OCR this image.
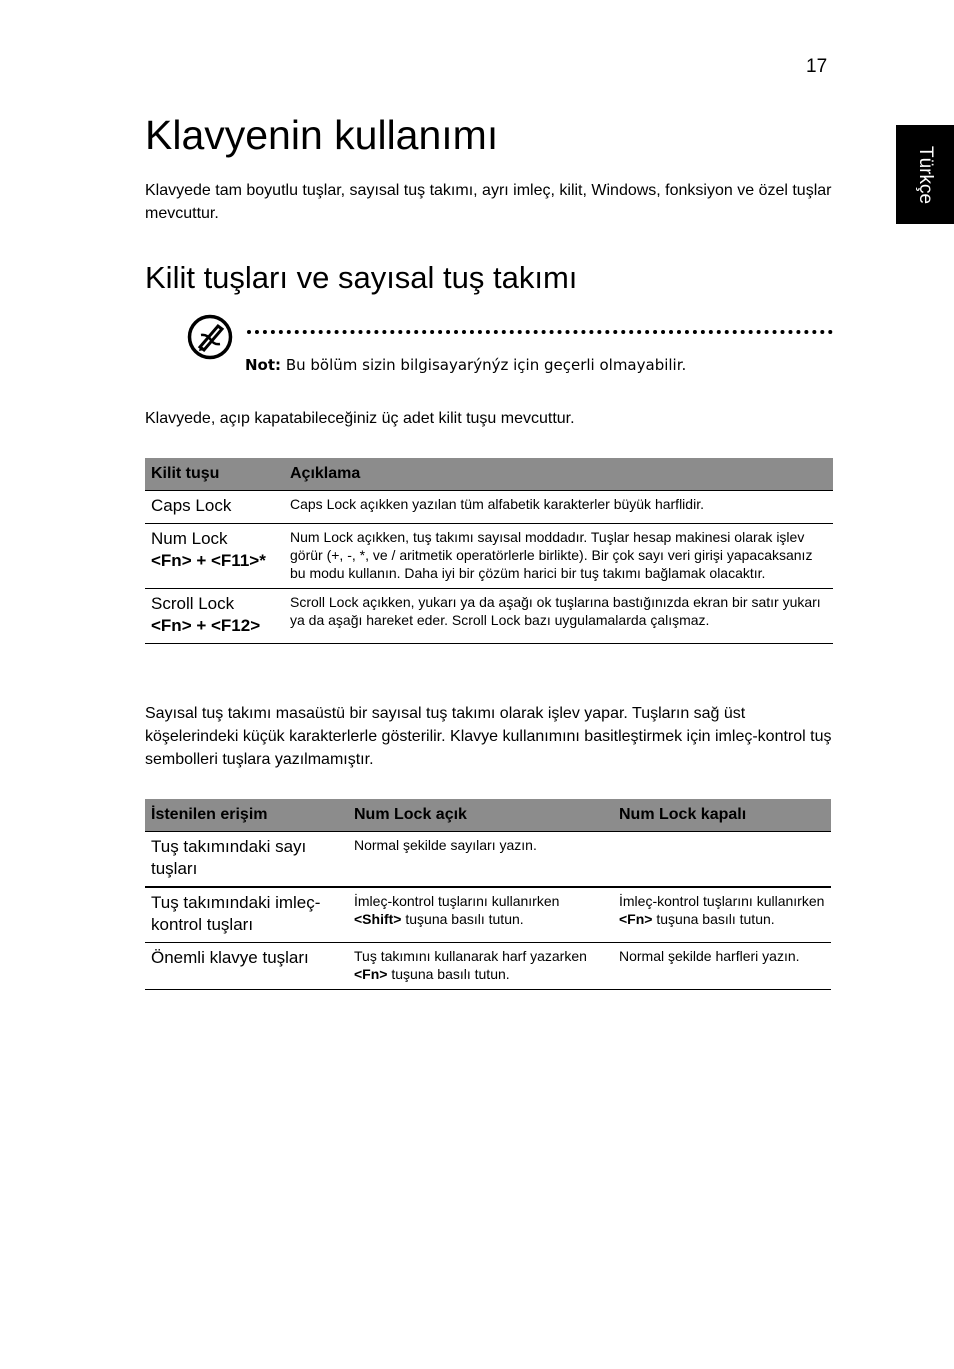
17
Türkçe
Klavyenin kullanımı

Klavyede tam boyutlu tuşlar, sayısal tuş takımı, ayrı imleç, kilit, Windows, fonksiyon ve özel tuşlar mevcuttur.

Kilit tuşları ve sayısal tuş takımı
Not: Bu bölüm sizin bilgisayarýnýz için geçerli olmayabilir.

Klavyede, açıp kapatabileceğiniz üç adet kilit tuşu mevcuttur.

Kilit tuşu	Açıklama

Caps Lock	Caps Lock açıkken yazılan tüm alfabetik karakterler büyük harflidir.

Num Lock
<Fn> + <F11>*	Num Lock açıkken, tuş takımı sayısal moddadır. Tuşlar hesap makinesi olarak işlev görür (+, -, *, ve / aritmetik operatörlerle birlikte). Bir çok sayı veri girişi yapacaksanız bu modu kullanın. Daha iyi bir çözüm harici bir tuş takımı bağlamak olacaktır.

Scroll Lock
<Fn> + <F12>	Scroll Lock açıkken, yukarı ya da aşağı ok tuşlarına bastığınızda ekran bir satır yukarı ya da aşağı hareket eder. Scroll Lock bazı uygulamalarda çalışmaz.

Sayısal tuş takımı masaüstü bir sayısal tuş takımı olarak işlev yapar. Tuşların sağ üst köşelerindeki küçük karakterlerle gösterilir. Klavye kullanımını basitleştirmek için imleç-kontrol tuş sembolleri tuşlara yazılmamıştır.

İstenilen erişim	Num Lock açık	Num Lock kapalı
Tuş takımındaki sayı tuşları	Normal şekilde sayıları yazın.	
Tuş takımındaki imleç-kontrol tuşları	İmleç-kontrol tuşlarını kullanırken <Shift> tuşuna basılı tutun.	İmleç-kontrol tuşlarını kullanırken <Fn> tuşuna basılı tutun.
Önemli klavye tuşları	Tuş takımını kullanarak harf yazarken <Fn> tuşuna basılı tutun.	Normal şekilde harfleri yazın.
